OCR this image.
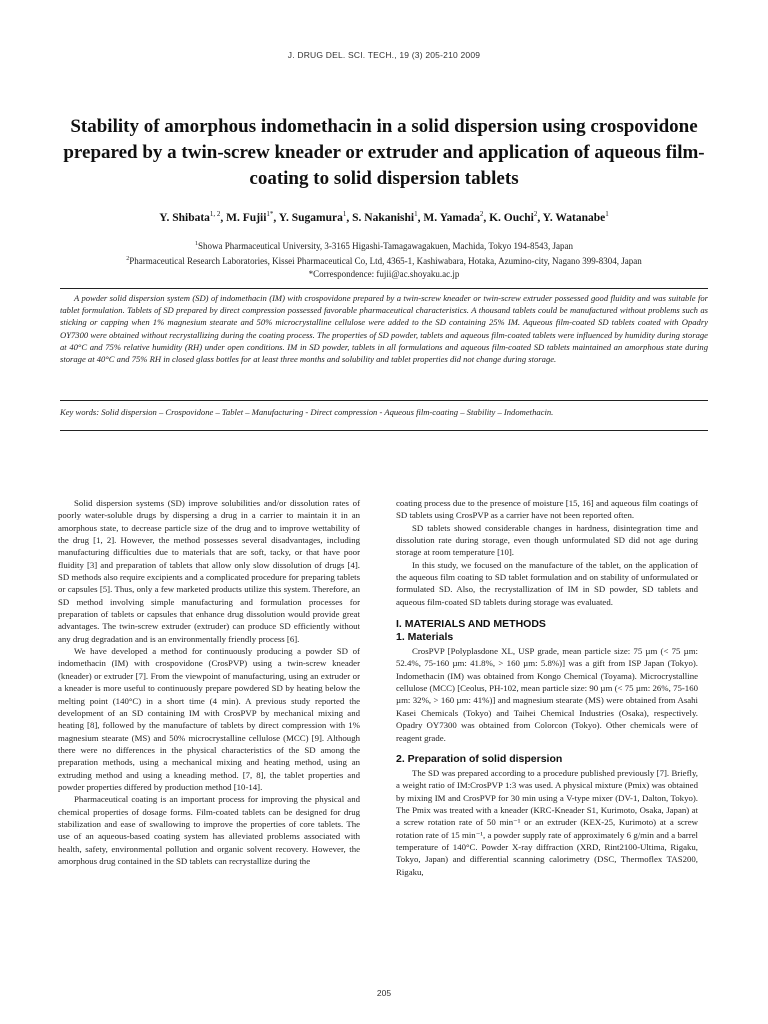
J. DRUG DEL. SCI. TECH., 19 (3) 205-210 2009
Stability of amorphous indomethacin in a solid dispersion using crospovidone prepared by a twin-screw kneader or extruder and application of aqueous film-coating to solid dispersion tablets
Y. Shibata$^{1, 2}$, M. Fujii$^{1*}$, Y. Sugamura$^1$, S. Nakanishi$^1$, M. Yamada$^2$, K. Ouchi$^2$, Y. Watanabe$^1$
$^1$Showa Pharmaceutical University, 3-3165 Higashi-Tamagawagakuen, Machida, Tokyo 194-8543, Japan
$^2$Pharmaceutical Research Laboratories, Kissei Pharmaceutical Co, Ltd, 4365-1, Kashiwabara, Hotaka, Azumino-city, Nagano 399-8304, Japan
*Correspondence: fujii@ac.shoyaku.ac.jp

A powder solid dispersion system (SD) of indomethacin (IM) with crospovidone prepared by a twin-screw kneader or twin-screw extruder possessed good fluidity and was suitable for tablet formulation. Tablets of SD prepared by direct compression possessed favorable pharmaceutical characteristics. A thousand tablets could be manufactured without problems such as sticking or capping when 1% magnesium stearate and 50% microcrystalline cellulose were added to the SD containing 25% IM. Aqueous film-coated SD tablets coated with Opadry OY7300 were obtained without recrystallizing during the coating process. The properties of SD powder, tablets and aqueous film-coated tablets were influenced by humidity during storage at 40°C and 75% relative humidity (RH) under open conditions. IM in SD powder, tablets in all formulations and aqueous film-coated SD tablets maintained an amorphous state during storage at 40°C and 75% RH in closed glass bottles for at least three months and solubility and tablet properties did not change during storage.

Key words: Solid dispersion – Crospovidone – Tablet – Manufacturing - Direct compression - Aqueous film-coating – Stability – Indomethacin.

Solid dispersion systems (SD) improve solubilities and/or dissolution rates of poorly water-soluble drugs by dispersing a drug in a carrier to maintain it in an amorphous state, to decrease particle size of the drug and to improve wettability of the drug [1, 2]. However, the method possesses several disadvantages, including manufacturing difficulties due to materials that are soft, tacky, or that have poor fluidity [3] and preparation of tablets that allow only slow dissolution of drugs [4]. SD methods also require excipients and a complicated procedure for preparing tablets or capsules [5]. Thus, only a few marketed products utilize this system. Therefore, an SD method involving simple manufacturing and formulation processes for preparation of tablets or capsules that enhance drug dissolution would provide great advantages. The twin-screw extruder (extruder) can produce SD efficiently without any drug degradation and is an environmentally friendly process [6].

We have developed a method for continuously producing a powder SD of indomethacin (IM) with crospovidone (CrosPVP) using a twin-screw kneader (kneader) or extruder [7]. From the viewpoint of manufacturing, using an extruder or a kneader is more useful to continuously prepare powdered SD by heating below the melting point (140°C) in a short time (4 min). A previous study reported the development of an SD containing IM with CrosPVP by mechanical mixing and heating [8], followed by the manufacture of tablets by direct compression with 1% magnesium stearate (MS) and 50% microcrystalline cellulose (MCC) [9]. Although there were no differences in the physical characteristics of the SD among the preparation methods, using a mechanical mixing and heating method, using an extruding method and using a kneading method. [7, 8], the tablet properties and powder properties differed by production method [10-14].

Pharmaceutical coating is an important process for improving the physical and chemical properties of dosage forms. Film-coated tablets can be designed for drug stabilization and ease of swallowing to improve the properties of core tablets. The use of an aqueous-based coating system has alleviated problems associated with health, safety, environmental pollution and organic solvent recovery. However, the amorphous drug contained in the SD tablets can recrystallize during the

coating process due to the presence of moisture [15, 16] and aqueous film coatings of SD tablets using CrosPVP as a carrier have not been reported often.

SD tablets showed considerable changes in hardness, disintegration time and dissolution rate during storage, even though unformulated SD did not age during storage at room temperature [10].

In this study, we focused on the manufacture of the tablet, on the application of the aqueous film coating to SD tablet formulation and on stability of unformulated or formulated SD. Also, the recrystallization of IM in SD powder, SD tablets and aqueous film-coated SD tablets during storage was evaluated.

I. MATERIALS AND METHODS
1. Materials

CrosPVP [Polyplasdone XL, USP grade, mean particle size: 75 µm (< 75 µm: 52.4%, 75-160 µm: 41.8%, > 160 µm: 5.8%)] was a gift from ISP Japan (Tokyo). Indomethacin (IM) was obtained from Kongo Chemical (Toyama). Microcrystalline cellulose (MCC) [Ceolus, PH-102, mean particle size: 90 µm (< 75 µm: 26%, 75-160 µm: 32%, > 160 µm: 41%)] and magnesium stearate (MS) were obtained from Asahi Kasei Chemicals (Tokyo) and Taihei Chemical Industries (Osaka), respectively. Opadry OY7300 was obtained from Colorcon (Tokyo). Other chemicals were of reagent grade.

2. Preparation of solid dispersion

The SD was prepared according to a procedure published previously [7]. Briefly, a weight ratio of IM:CrosPVP 1:3 was used. A physical mixture (Pmix) was obtained by mixing IM and CrosPVP for 30 min using a V-type mixer (DV-1, Dalton, Tokyo). The Pmix was treated with a kneader (KRC-Kneader S1, Kurimoto, Osaka, Japan) at a screw rotation rate of 50 min⁻¹ or an extruder (KEX-25, Kurimoto) at a screw rotation rate of 15 min⁻¹, a powder supply rate of approximately 6 g/min and a barrel temperature of 140°C. Powder X-ray diffraction (XRD, Rint2100-Ultima, Rigaku, Tokyo, Japan) and differential scanning calorimetry (DSC, Thermoflex TAS200, Rigaku,

205
